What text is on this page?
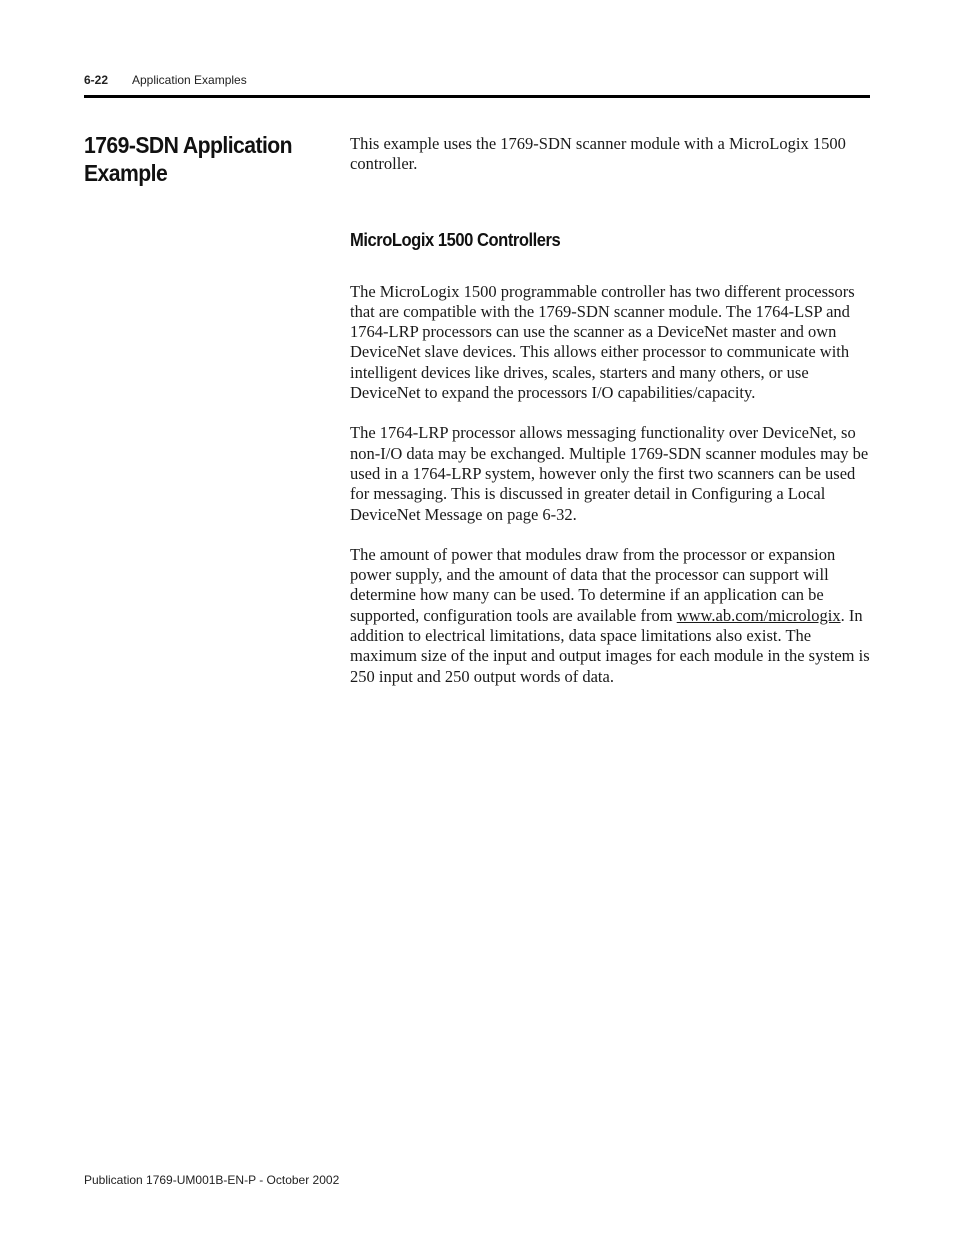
6-22 Application Examples
1769-SDN Application Example

This example uses the 1769-SDN scanner module with a MicroLogix 1500 controller.

MicroLogix 1500 Controllers

The MicroLogix 1500 programmable controller has two different processors that are compatible with the 1769-SDN scanner module. The 1764-LSP and 1764-LRP processors can use the scanner as a DeviceNet master and own DeviceNet slave devices. This allows either processor to communicate with intelligent devices like drives, scales, starters and many others, or use DeviceNet to expand the processors I/O capabilities/capacity.

The 1764-LRP processor allows messaging functionality over DeviceNet, so non-I/O data may be exchanged. Multiple 1769-SDN scanner modules may be used in a 1764-LRP system, however only the first two scanners can be used for messaging. This is discussed in greater detail in Configuring a Local DeviceNet Message on page 6-32.

The amount of power that modules draw from the processor or expansion power supply, and the amount of data that the processor can support will determine how many can be used. To determine if an application can be supported, configuration tools are available from www.ab.com/micrologix. In addition to electrical limitations, data space limitations also exist. The maximum size of the input and output images for each module in the system is 250 input and 250 output words of data.

Publication 1769-UM001B-EN-P - October 2002
